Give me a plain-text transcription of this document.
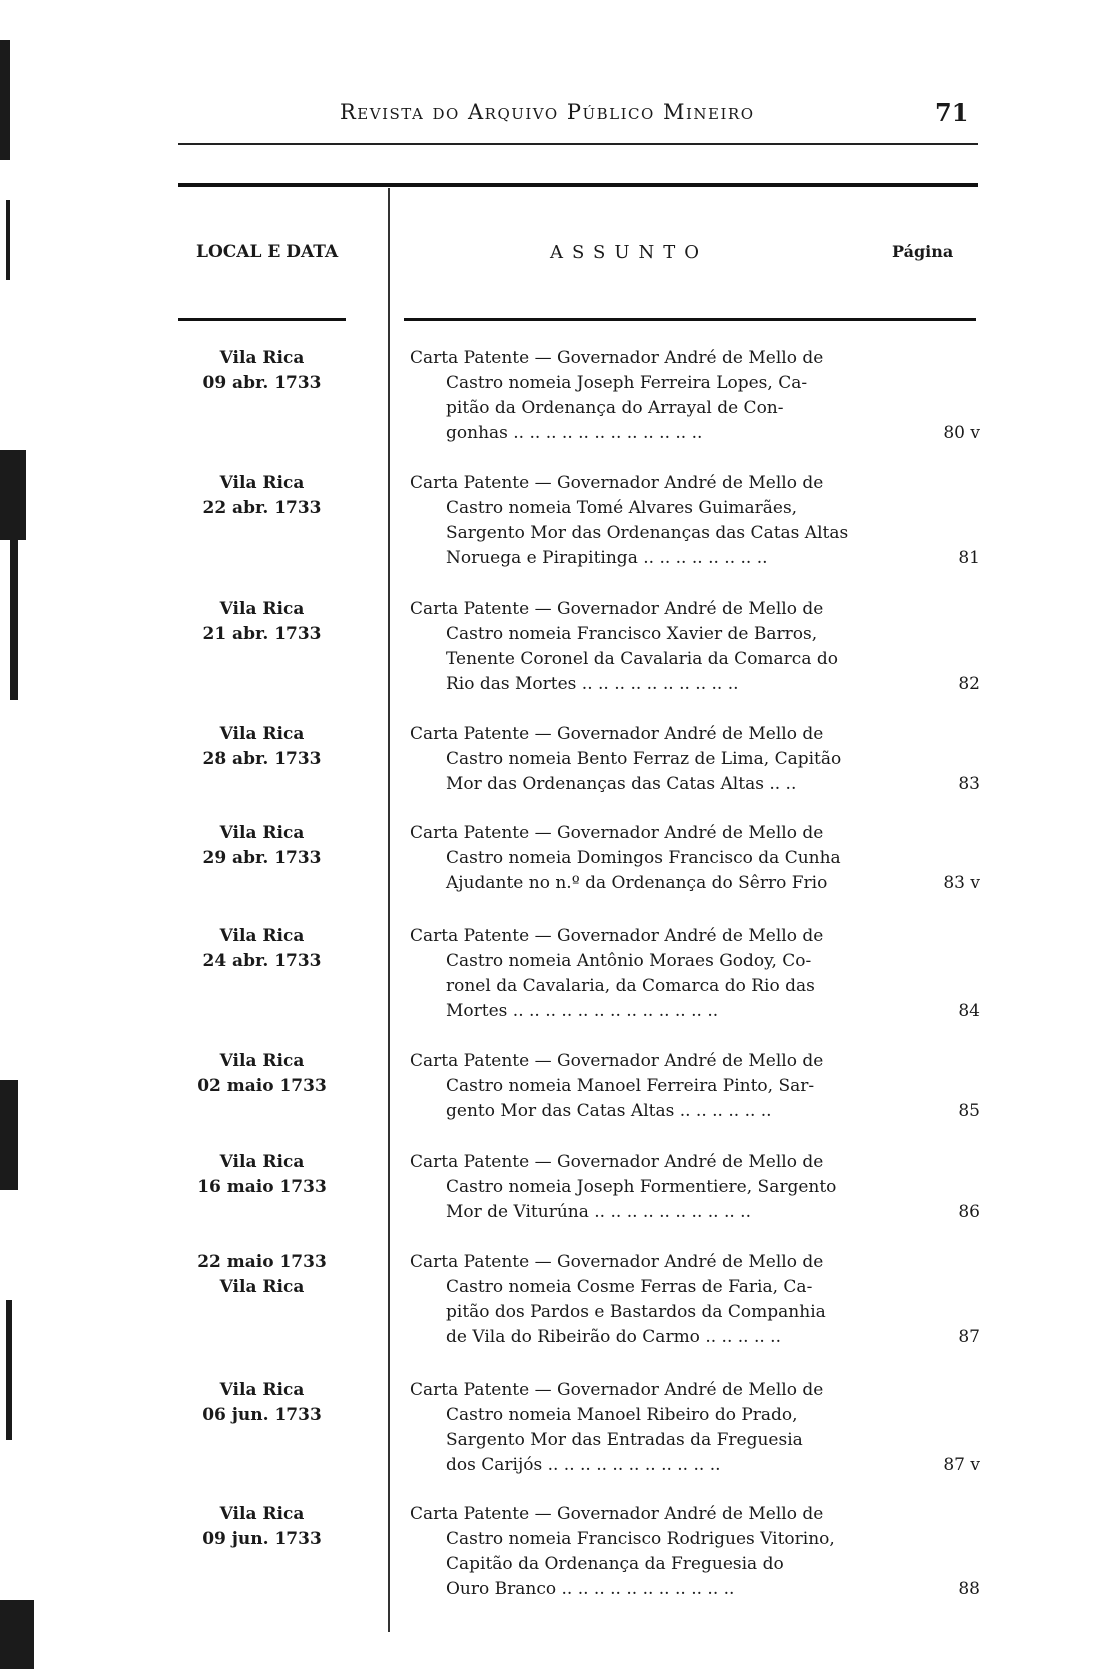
Revista do Arquivo Público Mineiro	71
LOCAL E DATA	ASSUNTO	Página
Vila Rica
09 abr. 1733
Carta Patente — Governador André de Mello de
Castro nomeia Joseph Ferreira Lopes, Ca-
pitão da Ordenança do Arrayal de Con-
gonhas .. .. .. .. .. .. .. .. .. .. .. ..	80 v
Vila Rica
22 abr. 1733
Carta Patente — Governador André de Mello de
Castro nomeia Tomé Alvares Guimarães,
Sargento Mor das Ordenanças das Catas Altas
Noruega e Pirapitinga .. .. .. .. .. .. .. ..	81
Vila Rica
21 abr. 1733
Carta Patente — Governador André de Mello de
Castro nomeia Francisco Xavier de Barros,
Tenente Coronel da Cavalaria da Comarca do
Rio das Mortes .. .. .. .. .. .. .. .. .. ..	82
Vila Rica
28 abr. 1733
Carta Patente — Governador André de Mello de
Castro nomeia Bento Ferraz de Lima, Capitão
Mor das Ordenanças das Catas Altas .. ..	83
Vila Rica
29 abr. 1733
Carta Patente — Governador André de Mello de
Castro nomeia Domingos Francisco da Cunha
Ajudante no n.º da Ordenança do Sêrro Frio	83 v
Vila Rica
24 abr. 1733
Carta Patente — Governador André de Mello de
Castro nomeia Antônio Moraes Godoy, Co-
ronel da Cavalaria, da Comarca do Rio das
Mortes .. .. .. .. .. .. .. .. .. .. .. .. ..	84
Vila Rica
02 maio 1733
Carta Patente — Governador André de Mello de
Castro nomeia Manoel Ferreira Pinto, Sar-
gento Mor das Catas Altas .. .. .. .. .. ..	85
Vila Rica
16 maio 1733
Carta Patente — Governador André de Mello de
Castro nomeia Joseph Formentiere, Sargento
Mor de Viturúna .. .. .. .. .. .. .. .. .. ..	86
22 maio 1733
Vila Rica
Carta Patente — Governador André de Mello de
Castro nomeia Cosme Ferras de Faria, Ca-
pitão dos Pardos e Bastardos da Companhia
de Vila do Ribeirão do Carmo .. .. .. .. ..	87
Vila Rica
06 jun. 1733
Carta Patente — Governador André de Mello de
Castro nomeia Manoel Ribeiro do Prado,
Sargento Mor das Entradas da Freguesia
dos Carijós .. .. .. .. .. .. .. .. .. .. ..	87 v
Vila Rica
09 jun. 1733
Carta Patente — Governador André de Mello de
Castro nomeia Francisco Rodrigues Vitorino,
Capitão da Ordenança da Freguesia do
Ouro Branco .. .. .. .. .. .. .. .. .. .. ..	88
